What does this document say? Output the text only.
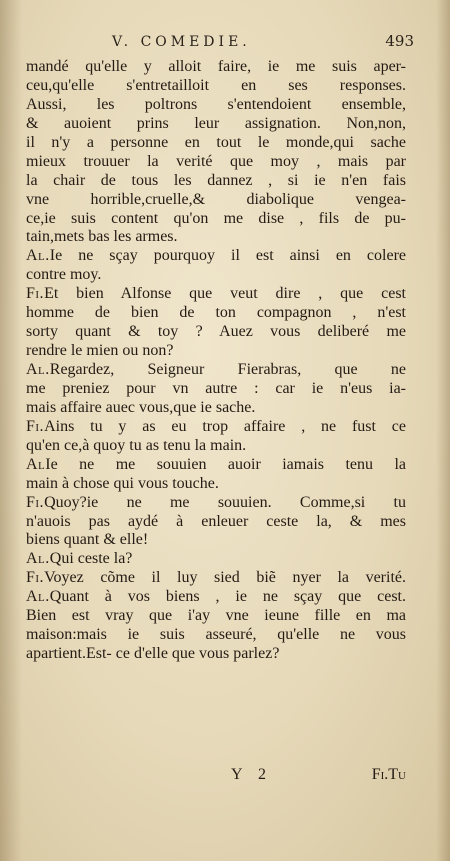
V. COMEDIE.	493
mandé qu'elle y alloit faire, ie me suis aper-
ceu,qu'elle s'entretailloit en ses responses.
Aussi, les poltrons s'entendoient ensemble,
& auoient prins leur assignation. Non,non,
il n'y a personne en tout le monde,qui sache
mieux trouuer la verité que moy , mais par
la chair de tous les dannez , si ie n'en fais
vne horrible,cruelle,& diabolique vengea-
ce,ie suis content qu'on me dise , fils de pu-
tain,mets bas les armes.
Al.Ie ne sçay pourquoy il est ainsi en colere
contre moy.
Fi.Et bien Alfonse que veut dire , que cest
homme de bien de ton compagnon , n'est
sorty quant & toy ? Auez vous deliberé me
rendre le mien ou non?
Al.Regardez, Seigneur Fierabras, que ne
me preniez pour vn autre : car ie n'eus ia-
mais affaire auec vous,que ie sache.
Fi.Ains tu y as eu trop affaire , ne fust ce
qu'en ce,à quoy tu as tenu la main.
AlIe ne me souuien auoir iamais tenu la
main à chose qui vous touche.
Fi.Quoy?ie ne me souuien. Comme,si tu
n'auois pas aydé à enleuer ceste la, & mes
biens quant & elle!
Al.Qui ceste la?
Fi.Voyez cõme il luy sied biẽ nyer la verité.
Al.Quant à vos biens , ie ne sçay que cest.
Bien est vray que i'ay vne ieune fille en ma
maison:mais ie suis asseuré, qu'elle ne vous
apartient.Est- ce d'elle que vous parlez?
Y 2	Fi.Tu
